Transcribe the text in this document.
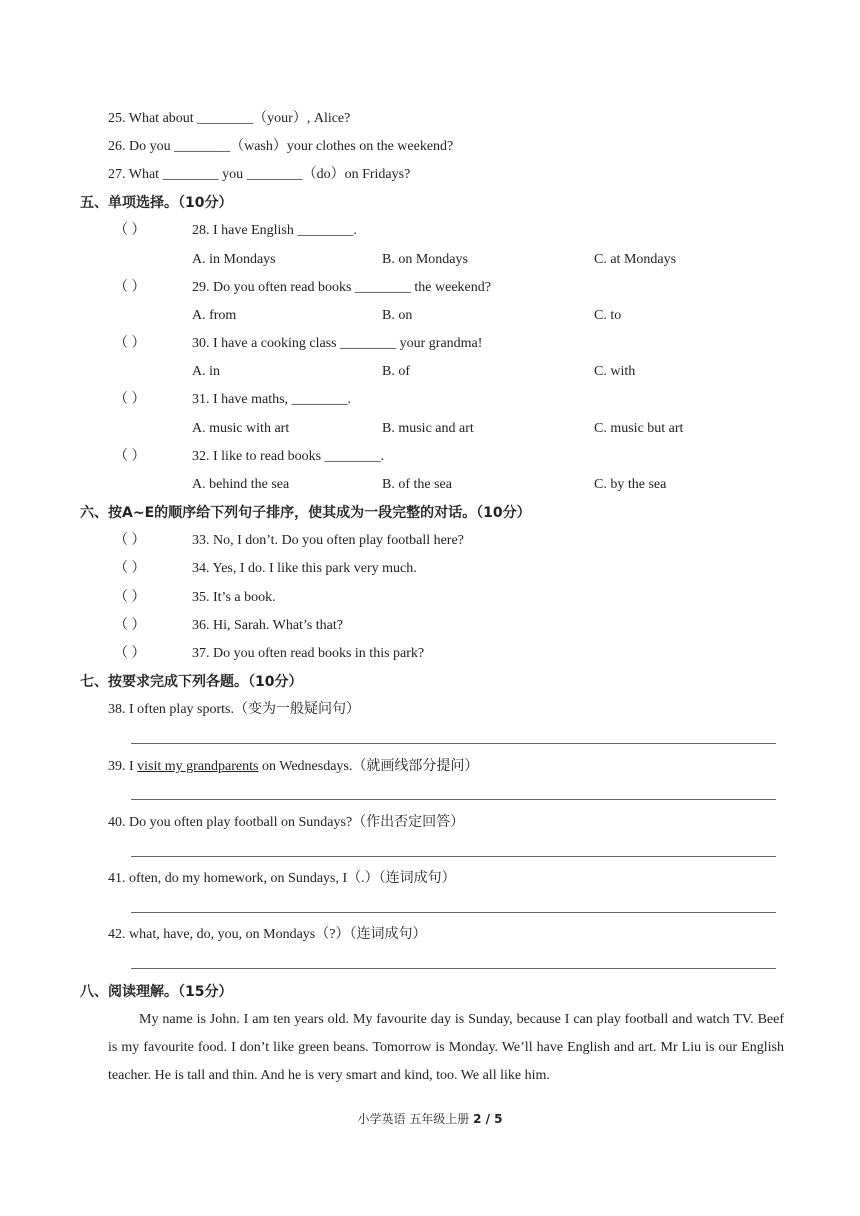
25. What about ________（your）, Alice?
26. Do you ________（wash）your clothes on the weekend?
27. What ________ you ________（do）on Fridays?
五、单项选择。（10分）
（ ）	28. I have English ________.
A. in Mondays	B. on Mondays	C. at Mondays
（ ）	29. Do you often read books ________ the weekend?
A. from	B. on	C. to
（ ）	30. I have a cooking class ________ your grandma!
A. in	B. of	C. with
（ ）	31. I have maths, ________.
A. music with art	B. music and art	C. music but art
（ ）	32. I like to read books ________.
A. behind the sea	B. of the sea	C. by the sea
六、按A~E的顺序给下列句子排序，使其成为一段完整的对话。（10分）
（ ）	33. No, I don’t. Do you often play football here?
（ ）	34. Yes, I do. I like this park very much.
（ ）	35. It’s a book.
（ ）	36. Hi, Sarah. What’s that?
（ ）	37. Do you often read books in this park?
七、按要求完成下列各题。（10分）
38. I often play sports.（变为一般疑问句）
39. I visit my grandparents on Wednesdays.（就画线部分提问）
40. Do you often play football on Sundays?（作出否定回答）
41. often, do my homework, on Sundays, I（.）（连词成句）
42. what, have, do, you, on Mondays（?）（连词成句）
八、阅读理解。（15分）
My name is John. I am ten years old. My favourite day is Sunday, because I can play football and watch TV. Beef is my favourite food. I don’t like green beans. Tomorrow is Monday. We’ll have English and art. Mr Liu is our English teacher. He is tall and thin. And he is very smart and kind, too. We all like him.
小学英语 五年级上册 2 / 5
